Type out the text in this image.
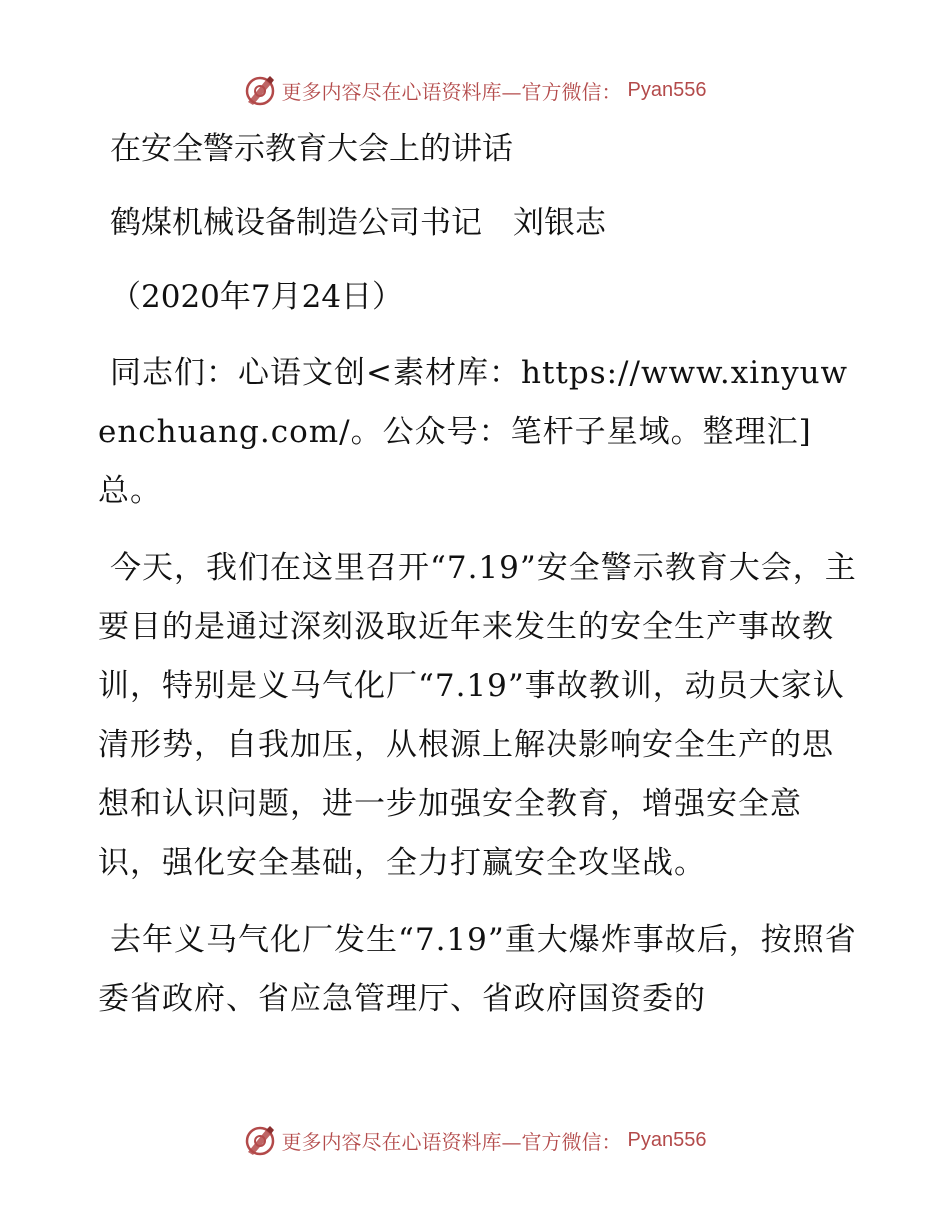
更多内容尽在心语资料库—官方微信： Pyan556

在安全警示教育大会上的讲话

鹤煤机械设备制造公司书记　刘银志

（2020年7月24日）

同志们：心语文创<素材库：https://www.xinyuwenchuang.com/。公众号：笔杆子星域。整理汇]总。

今天，我们在这里召开“7.19”安全警示教育大会，主要目的是通过深刻汲取近年来发生的安全生产事故教训，特别是义马气化厂“7.19”事故教训，动员大家认清形势，自我加压，从根源上解决影响安全生产的思想和认识问题，进一步加强安全教育，增强安全意识，强化安全基础，全力打赢安全攻坚战。

去年义马气化厂发生“7.19”重大爆炸事故后，按照省委省政府、省应急管理厅、省政府国资委的

更多内容尽在心语资料库—官方微信： Pyan556
